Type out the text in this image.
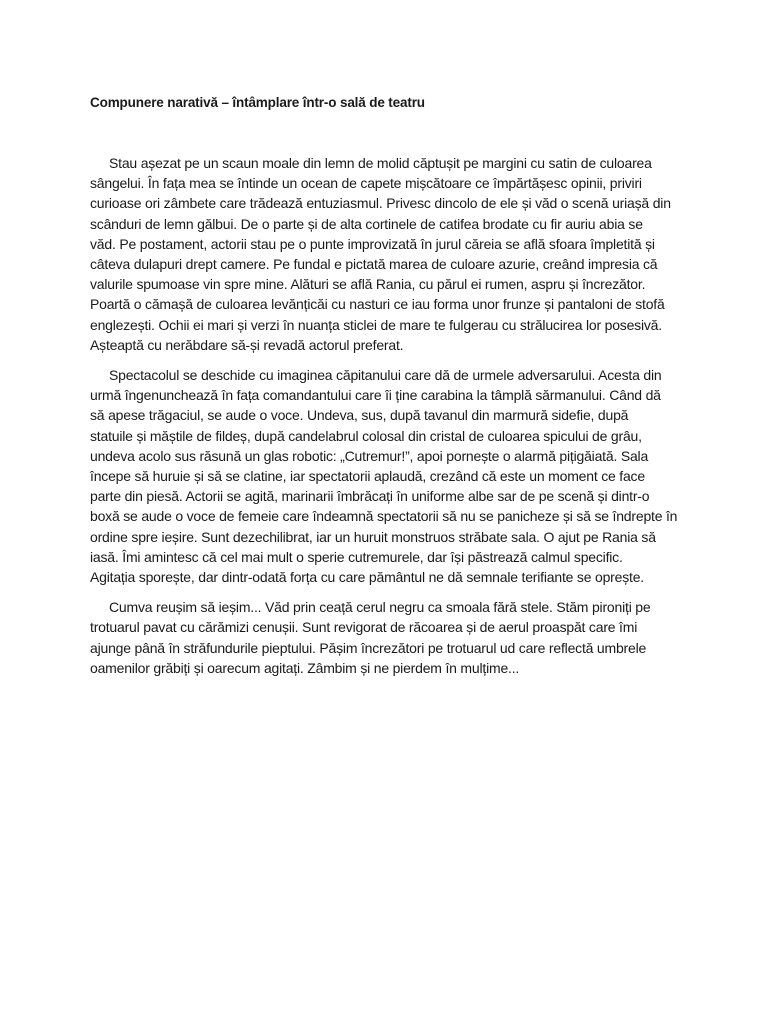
Compunere narativă – întâmplare într-o sală de teatru

Stau așezat pe un scaun moale din lemn de molid căptușit pe margini cu satin de culoarea
sângelui. În fața mea se întinde un ocean de capete mișcătoare ce împărtășesc opinii, priviri
curioase ori zâmbete care trădează entuziasmul. Privesc dincolo de ele și văd o scenă uriașă din
scânduri de lemn gălbui. De o parte și de alta cortinele de catifea brodate cu fir auriu abia se
văd. Pe postament, actorii stau pe o punte improvizată în jurul căreia se află sfoara împletită și
câteva dulapuri drept camere. Pe fundal e pictată marea de culoare azurie, creând impresia că
valurile spumoase vin spre mine. Alături se află Rania, cu părul ei rumen, aspru și încrezător.
Poartă o cămașă de culoarea levănțicăi cu nasturi ce iau forma unor frunze și pantaloni de stofă
englezești. Ochii ei mari și verzi în nuanța sticlei de mare te fulgerau cu strălucirea lor posesivă.
Așteaptă cu nerăbdare să-și revadă actorul preferat.

Spectacolul se deschide cu imaginea căpitanului care dă de urmele adversarului. Acesta din
urmă îngenunchează în fața comandantului care îi ține carabina la tâmplă sărmanului. Când dă
să apese trăgaciul, se aude o voce. Undeva, sus, după tavanul din marmură sidefie, după
statuile și măștile de fildeș, după candelabrul colosal din cristal de culoarea spicului de grâu,
undeva acolo sus răsună un glas robotic: „Cutremur!”, apoi pornește o alarmă pițigăiată. Sala
începe să huruie și să se clatine, iar spectatorii aplaudă, crezând că este un moment ce face
parte din piesă. Actorii se agită, marinarii îmbrăcați în uniforme albe sar de pe scenă și dintr-o
boxă se aude o voce de femeie care îndeamnă spectatorii să nu se panicheze și să se îndrepte în
ordine spre ieșire. Sunt dezechilibrat, iar un huruit monstruos străbate sala. O ajut pe Rania să
iasă. Îmi amintesc că cel mai mult o sperie cutremurele, dar își păstrează calmul specific.
Agitația sporește, dar dintr-odată forța cu care pământul ne dă semnale terifiante se oprește.

Cumva reușim să ieșim... Văd prin ceață cerul negru ca smoala fără stele. Stăm pironiți pe
trotuarul pavat cu cărămizi cenușii. Sunt revigorat de răcoarea și de aerul proaspăt care îmi
ajunge până în străfundurile pieptului. Pășim încrezători pe trotuarul ud care reflectă umbrele
oamenilor grăbiți și oarecum agitați. Zâmbim și ne pierdem în mulțime...
